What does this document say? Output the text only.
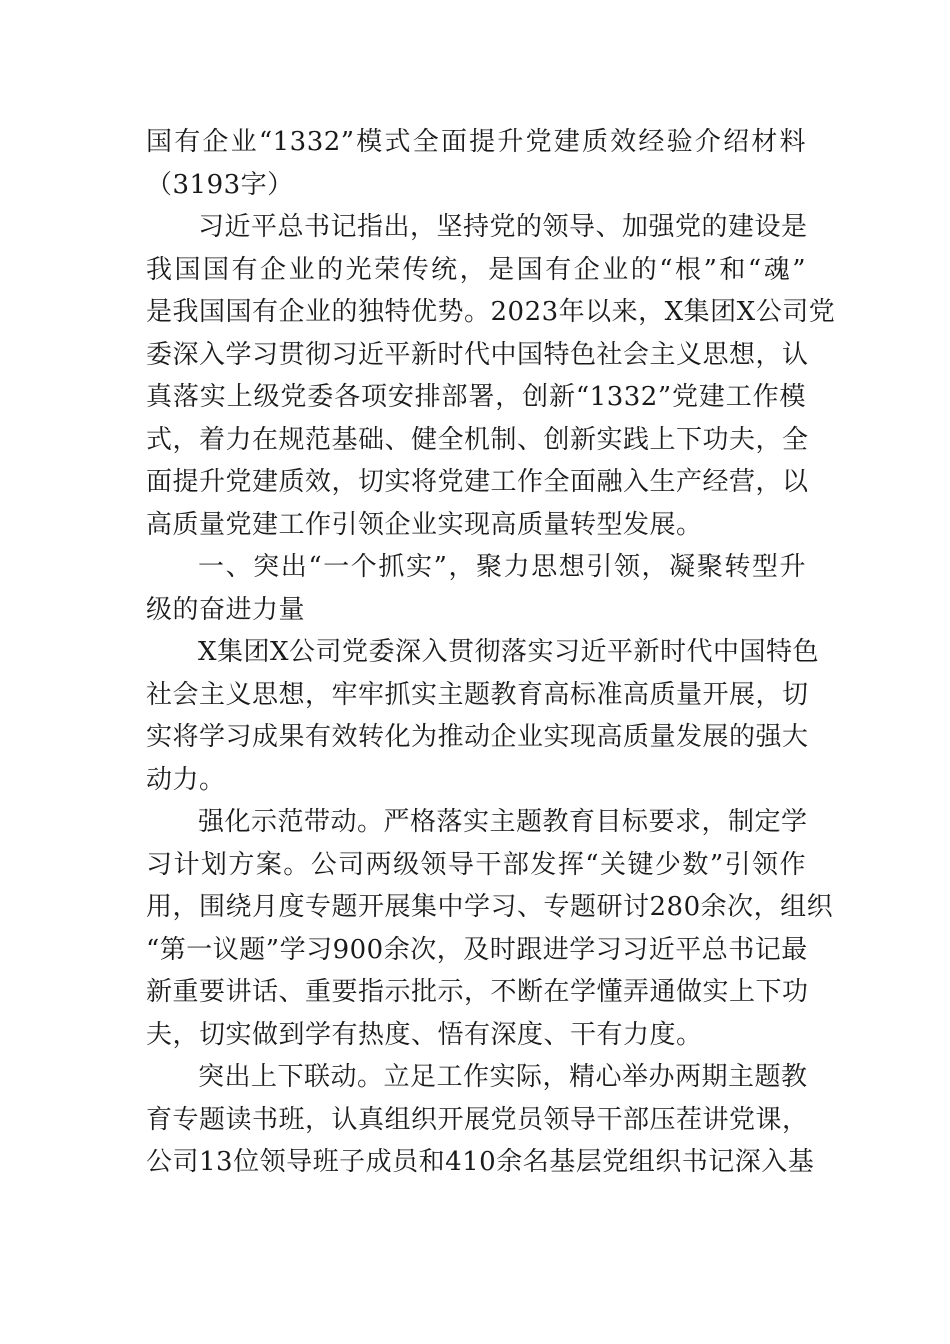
国有企业“1332”模式全面提升党建质效经验介绍材料
（3193字）
习近平总书记指出，坚持党的领导、加强党的建设是
我国国有企业的光荣传统，是国有企业的“根”和“魂”
是我国国有企业的独特优势。2023年以来，X集团X公司党
委深入学习贯彻习近平新时代中国特色社会主义思想，认
真落实上级党委各项安排部署，创新“1332”党建工作模
式，着力在规范基础、健全机制、创新实践上下功夫，全
面提升党建质效，切实将党建工作全面融入生产经营，以
高质量党建工作引领企业实现高质量转型发展。
一、突出“一个抓实”，聚力思想引领，凝聚转型升
级的奋进力量
X集团X公司党委深入贯彻落实习近平新时代中国特色
社会主义思想，牢牢抓实主题教育高标准高质量开展，切
实将学习成果有效转化为推动企业实现高质量发展的强大
动力。
强化示范带动。严格落实主题教育目标要求，制定学
习计划方案。公司两级领导干部发挥“关键少数”引领作
用，围绕月度专题开展集中学习、专题研讨280余次，组织
“第一议题”学习900余次，及时跟进学习习近平总书记最
新重要讲话、重要指示批示，不断在学懂弄通做实上下功
夫，切实做到学有热度、悟有深度、干有力度。
突出上下联动。立足工作实际，精心举办两期主题教
育专题读书班，认真组织开展党员领导干部压茬讲党课，
公司13位领导班子成员和410余名基层党组织书记深入基
